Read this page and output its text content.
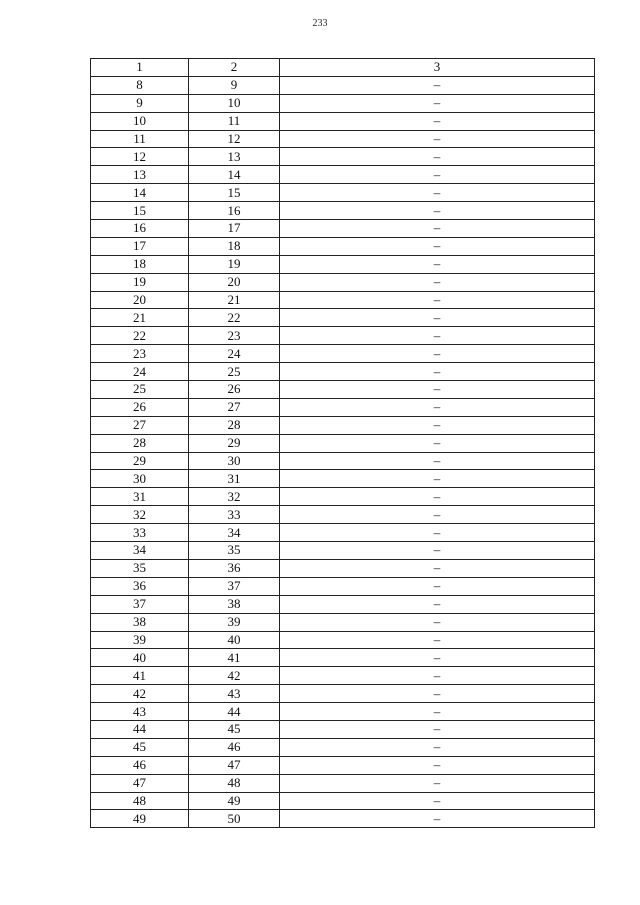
233
1	2	3
8	9	–
9	10	–
10	11	–
11	12	–
12	13	–
13	14	–
14	15	–
15	16	–
16	17	–
17	18	–
18	19	–
19	20	–
20	21	–
21	22	–
22	23	–
23	24	–
24	25	–
25	26	–
26	27	–
27	28	–
28	29	–
29	30	–
30	31	–
31	32	–
32	33	–
33	34	–
34	35	–
35	36	–
36	37	–
37	38	–
38	39	–
39	40	–
40	41	–
41	42	–
42	43	–
43	44	–
44	45	–
45	46	–
46	47	–
47	48	–
48	49	–
49	50	–
